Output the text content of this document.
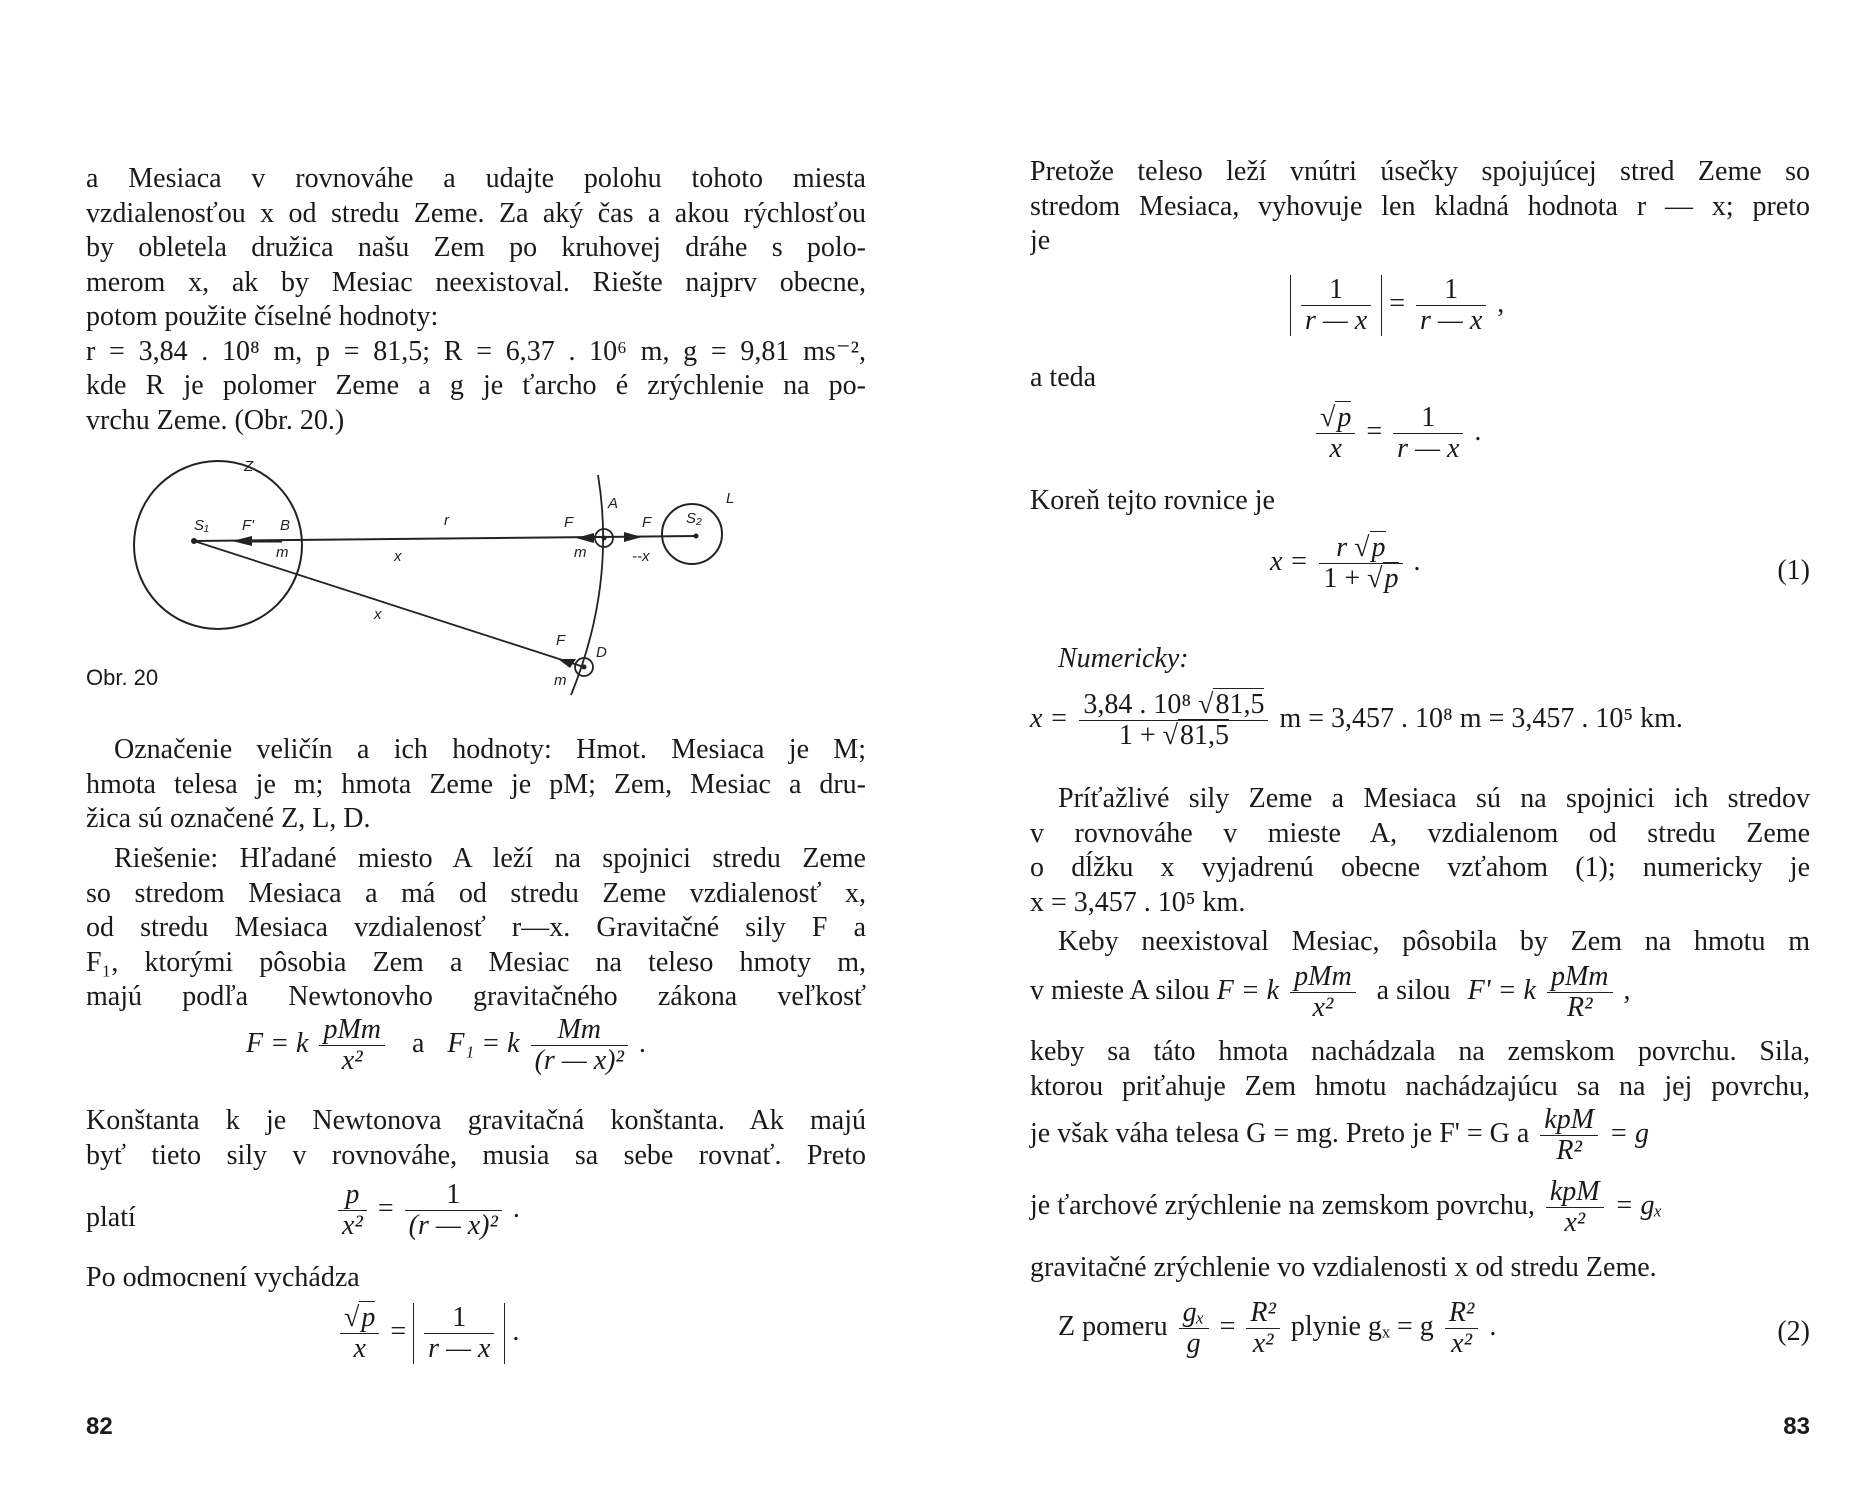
a Mesiaca v rovnováhe a udajte polohu tohoto miesta
vzdialenosťou x od stredu Zeme. Za aký čas a akou rýchlosťou
by obletela družica našu Zem po kruhovej dráhe s polo-
merom x, ak by Mesiac neexistoval. Riešte najprv obecne,
potom použite číselné hodnoty:
r = 3,84 . 10⁸ m, p = 81,5; R = 6,37 . 10⁶ m, g = 9,81 ms⁻²,
kde R je polomer Zeme a g je ťarcho é zrýchlenie na po-
vrchu Zeme. (Obr. 20.)
Z
S₁ F' B
m
r
x
F
A
m
F S₂
L
--x
x
F
D
m
Obr. 20
Označenie veličín a ich hodnoty: Hmot. Mesiaca je M;
hmota telesa je m; hmota Zeme je pM; Zem, Mesiac a dru-
žica sú označené Z, L, D.
Riešenie: Hľadané miesto A leží na spojnici stredu Zeme
so stredom Mesiaca a má od stredu Zeme vzdialenosť x,
od stredu Mesiaca vzdialenosť r—x. Gravitačné sily F a
F₁, ktorými pôsobia Zem a Mesiac na teleso hmoty m,
majú podľa Newtonovho gravitačného zákona veľkosť
F = k $\frac{\text{pMm}}{\text{x²}}$ a F₁ = k $\frac{Mm}{\text{(r — x)²}}$ .
Konštanta k je Newtonova gravitačná konštanta. Ak majú
byť tieto sily v rovnováhe, musia sa sebe rovnať. Preto
platí	$\frac{p}{\text{x²}} = \frac{1}{\text{(r — x)²}}$ .
Po odmocnení vychádza
$\frac{√p}{x} = \frac{1}{r — x}$ .
82
Pretože teleso leží vnútri úsečky spojujúcej stred Zeme so
stredom Mesiaca, vyhovuje len kladná hodnota r — x; preto
je
$\frac{1}{r — x} = \frac{1}{r — x}$ ,
a teda
$\frac{√p}{x} = \frac{1}{r — x}$ .
Koreň tejto rovnice je
$x = \frac{r √p}{1 + √p}$ .	(1)
Numericky:
$x = \frac{\text{3,84 . 10⁸ √81,5}}{1 + √81,5}$ m = 3,457 . 10⁸ m = 3,457 . 10⁵ km.
Príťažlivé sily Zeme a Mesiaca sú na spojnici ich stredov
v rovnováhe v mieste A, vzdialenom od stredu Zeme
o dĺžku x vyjadrenú obecne vzťahom (1); numericky je
x = 3,457 . 10⁵ km.
Keby neexistoval Mesiac, pôsobila by Zem na hmotu m
v mieste A silou F = k $\frac{\text{pMm}}{\text{x²}}$ a silou F' = k $\frac{\text{pMm}}{\text{R²}}$ ,
keby sa táto hmota nachádzala na zemskom povrchu. Sila,
ktorou priťahuje Zem hmotu nachádzajúcu sa na jej povrchu,
je však váha telesa G = mg. Preto je F' = G a $\frac{\text{kpM}}{\text{R²}} = g$
je ťarchové zrýchlenie na zemskom povrchu, $\frac{\text{kpM}}{\text{x²}} = g_x$
gravitačné zrýchlenie vo vzdialenosti x od stredu Zeme.
Z pomeru $\frac{\text{gₓ}}{g} = \frac{\text{R²}}{\text{x²}}$ plynie gₓ = g $\frac{\text{R²}}{\text{x²}}$ .	(2)
83
